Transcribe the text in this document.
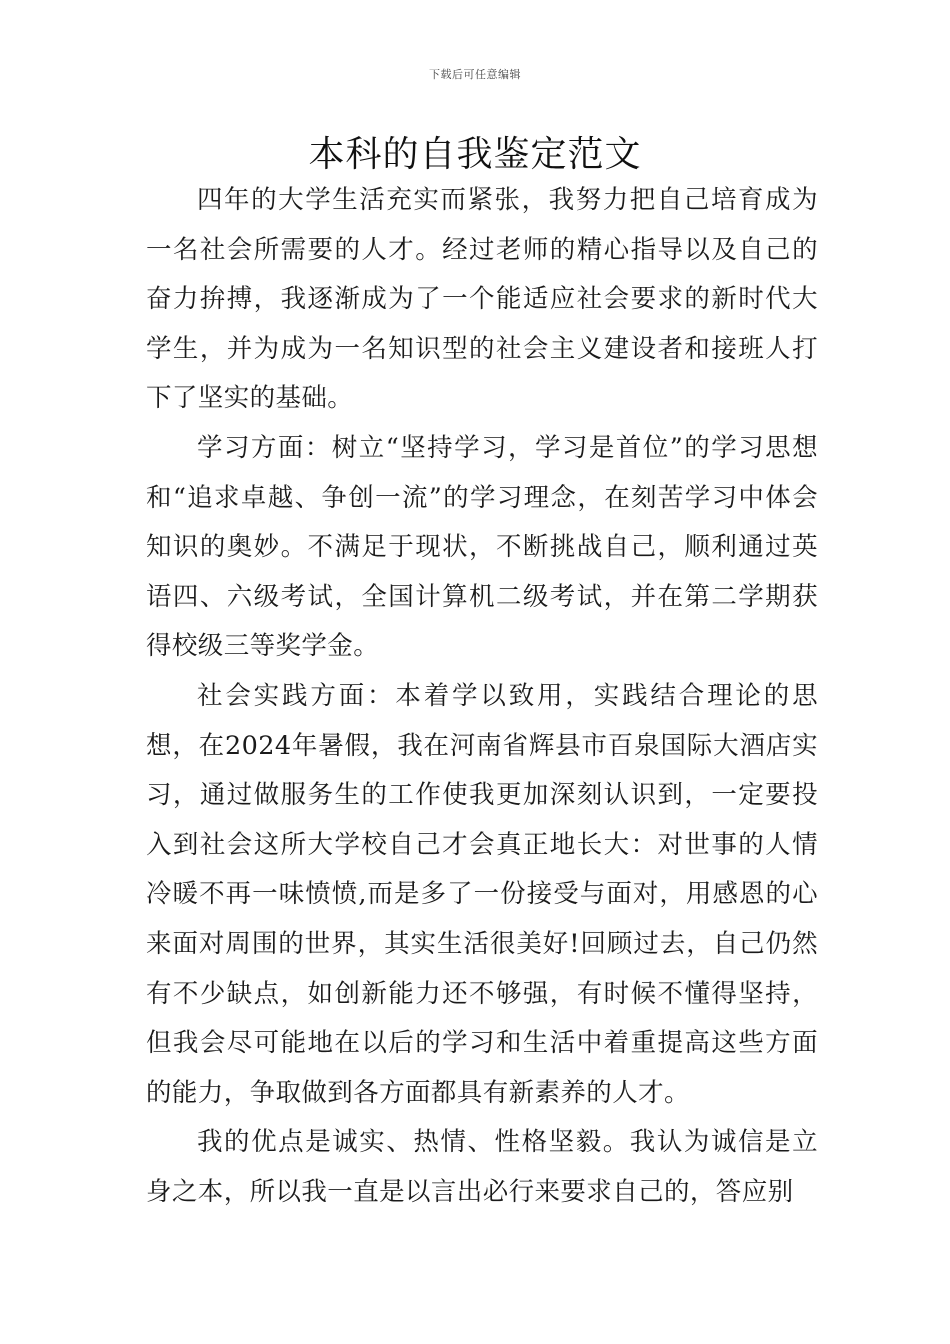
下载后可任意编辑
本科的自我鉴定范文

四年的大学生活充实而紧张，我努力把自己培育成为一名社会所需要的人才。经过老师的精心指导以及自己的奋力拚搏，我逐渐成为了一个能适应社会要求的新时代大学生，并为成为一名知识型的社会主义建设者和接班人打下了坚实的基础。

学习方面：树立“坚持学习，学习是首位”的学习思想和“追求卓越、争创一流”的学习理念，在刻苦学习中体会知识的奥妙。不满足于现状，不断挑战自己，顺利通过英语四、六级考试，全国计算机二级考试，并在第二学期获得校级三等奖学金。

社会实践方面：本着学以致用，实践结合理论的思想，在2024年暑假，我在河南省辉县市百泉国际大酒店实习，通过做服务生的工作使我更加深刻认识到，一定要投入到社会这所大学校自己才会真正地长大：对世事的人情冷暖不再一味愤愤,而是多了一份接受与面对，用感恩的心来面对周围的世界，其实生活很美好!回顾过去，自己仍然有不少缺点，如创新能力还不够强，有时候不懂得坚持，但我会尽可能地在以后的学习和生活中着重提高这些方面的能力，争取做到各方面都具有新素养的人才。

我的优点是诚实、热情、性格坚毅。我认为诚信是立身之本，所以我一直是以言出必行来要求自己的，答应别
